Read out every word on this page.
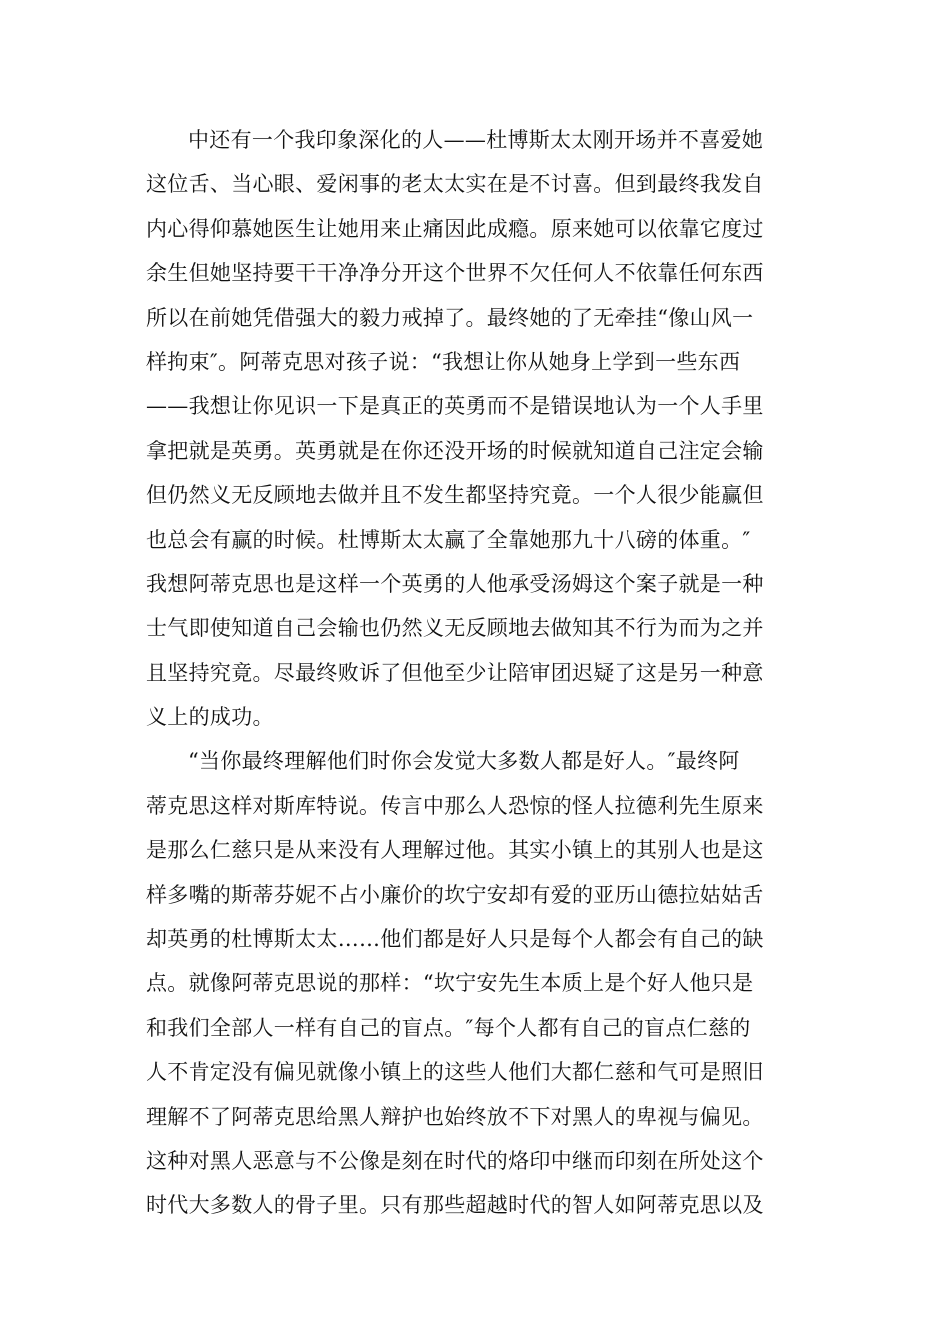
中还有一个我印象深化的人——杜博斯太太刚开场并不喜爱她
这位舌、当心眼、爱闲事的老太太实在是不讨喜。但到最终我发自
内心得仰慕她医生让她用来止痛因此成瘾。原来她可以依靠它度过
余生但她坚持要干干净净分开这个世界不欠任何人不依靠任何东西
所以在前她凭借强大的毅力戒掉了。最终她的了无牵挂“像山风一
样拘束″。阿蒂克思对孩子说：“我想让你从她身上学到一些东西
——我想让你见识一下是真正的英勇而不是错误地认为一个人手里
拿把就是英勇。英勇就是在你还没开场的时候就知道自己注定会输
但仍然义无反顾地去做并且不发生都坚持究竟。一个人很少能赢但
也总会有赢的时候。杜博斯太太赢了全靠她那九十八磅的体重。″
我想阿蒂克思也是这样一个英勇的人他承受汤姆这个案子就是一种
士气即使知道自己会输也仍然义无反顾地去做知其不行为而为之并
且坚持究竟。尽最终败诉了但他至少让陪审团迟疑了这是另一种意
义上的成功。
“当你最终理解他们时你会发觉大多数人都是好人。″最终阿
蒂克思这样对斯库特说。传言中那么人恐惊的怪人拉德利先生原来
是那么仁慈只是从来没有人理解过他。其实小镇上的其别人也是这
样多嘴的斯蒂芬妮不占小廉价的坎宁安却有爱的亚历山德拉姑姑舌
却英勇的杜博斯太太……他们都是好人只是每个人都会有自己的缺
点。就像阿蒂克思说的那样：“坎宁安先生本质上是个好人他只是
和我们全部人一样有自己的盲点。″每个人都有自己的盲点仁慈的
人不肯定没有偏见就像小镇上的这些人他们大都仁慈和气可是照旧
理解不了阿蒂克思给黑人辩护也始终放不下对黑人的卑视与偏见。
这种对黑人恶意与不公像是刻在时代的烙印中继而印刻在所处这个
时代大多数人的骨子里。只有那些超越时代的智人如阿蒂克思以及
